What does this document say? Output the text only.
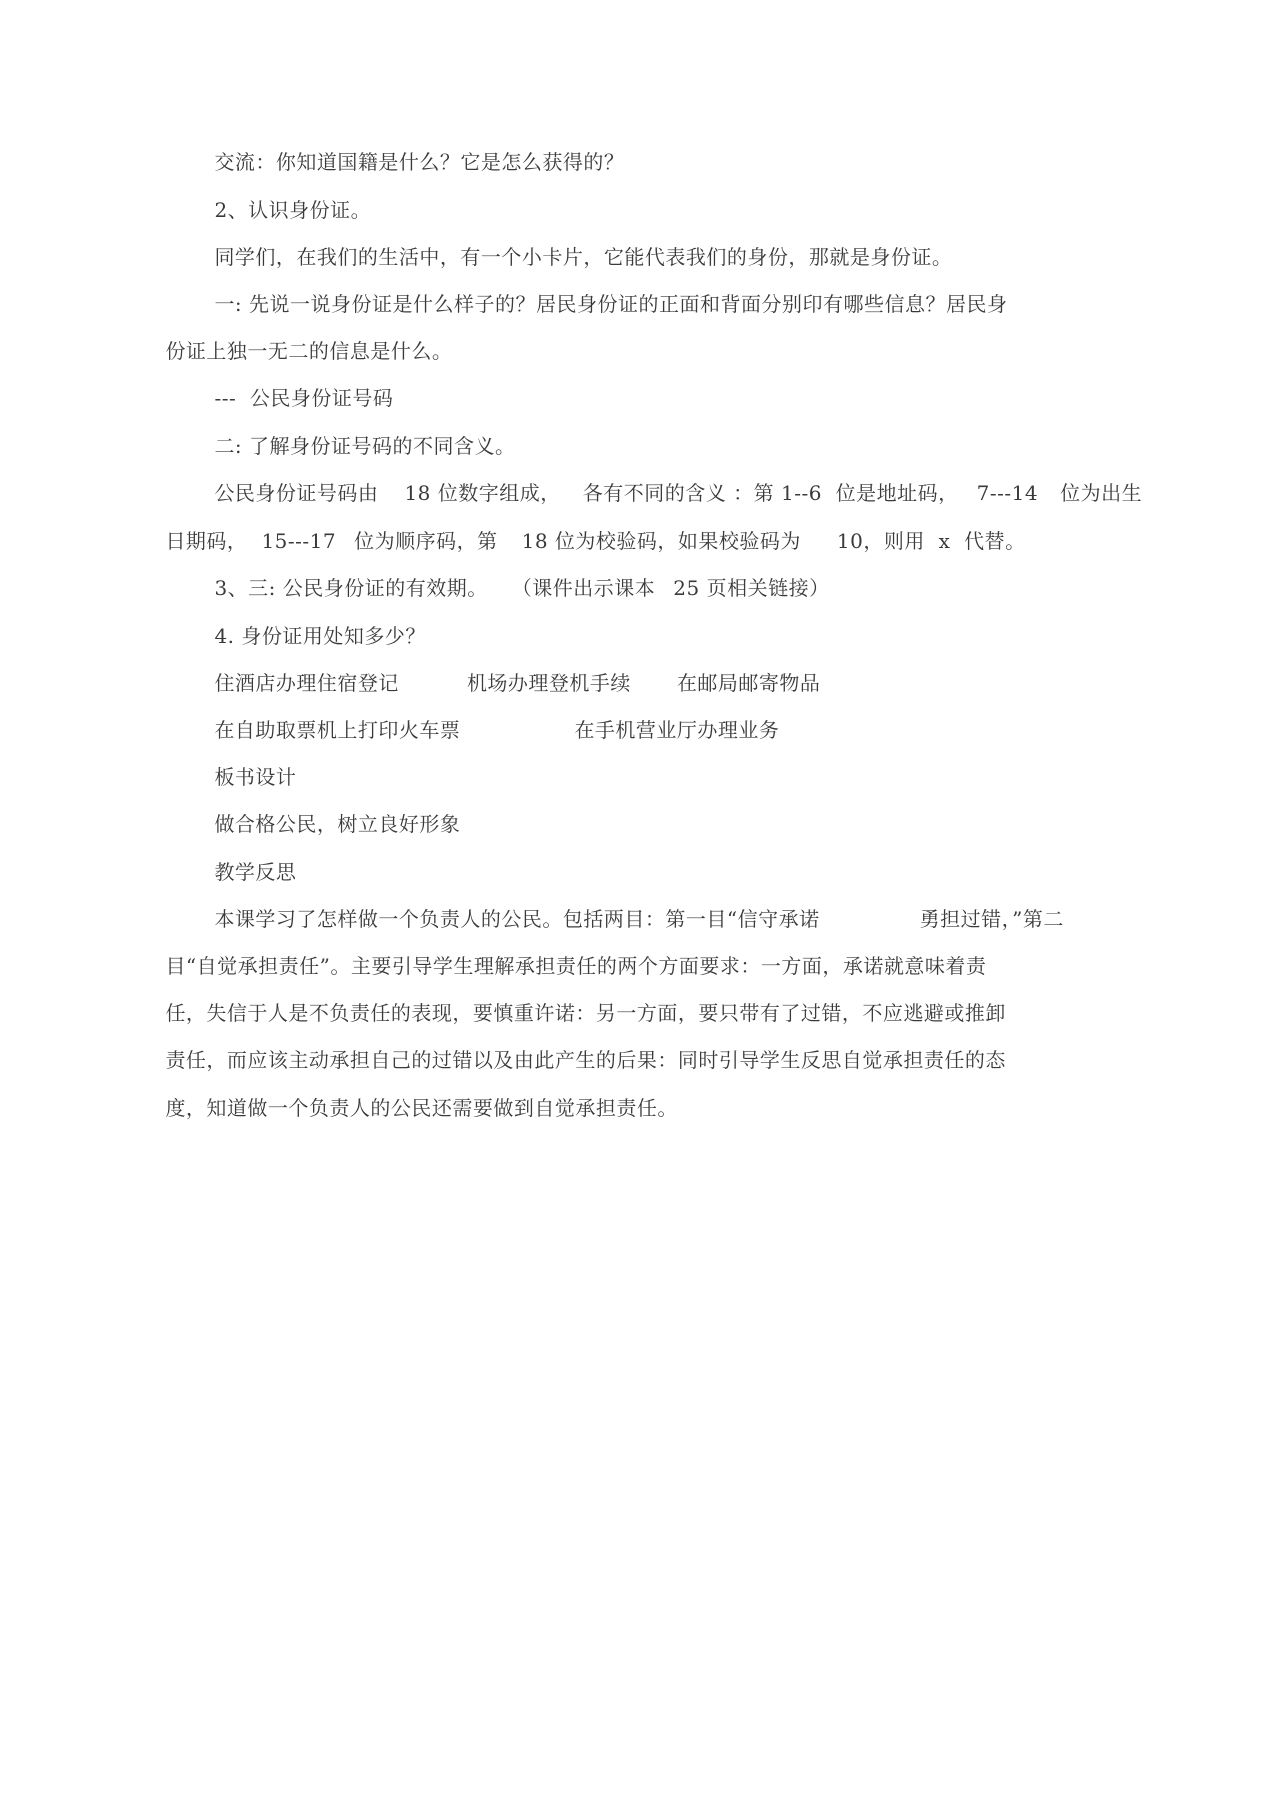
交流：你知道国籍是什么？它是怎么获得的？

2、认识身份证。

同学们，在我们的生活中，有一个小卡片，它能代表我们的身份，那就是身份证。

一: 先说一说身份证是什么样子的？居民身份证的正面和背面分别印有哪些信息？居民身

份证上独一无二的信息是什么。

---  公民身份证号码

二: 了解身份证号码的不同含义。

公民身份证号码由 18 位数字组成， 各有不同的含义 ：第 1--6  位是地址码， 7---14 位为出生

日期码， 15---17 位为顺序码，第 18 位为校验码，如果校验码为 10，则用  x  代替。

3、三: 公民身份证的有效期。 （课件出示课本 25 页相关链接）

4. 身份证用处知多少？

住酒店办理住宿登记	机场办理登机手续 在邮局邮寄物品

在自助取票机上打印火车票	在手机营业厅办理业务

板书设计

做合格公民，树立良好形象

教学反思

本课学习了怎样做一个负责人的公民。包括两目：第一目“信守承诺	勇担过错，”第二

目“自觉承担责任”。主要引导学生理解承担责任的两个方面要求：一方面，承诺就意味着责

任，失信于人是不负责任的表现，要慎重许诺：另一方面，要只带有了过错，不应逃避或推卸

责任，而应该主动承担自己的过错以及由此产生的后果：同时引导学生反思自觉承担责任的态

度，知道做一个负责人的公民还需要做到自觉承担责任。
